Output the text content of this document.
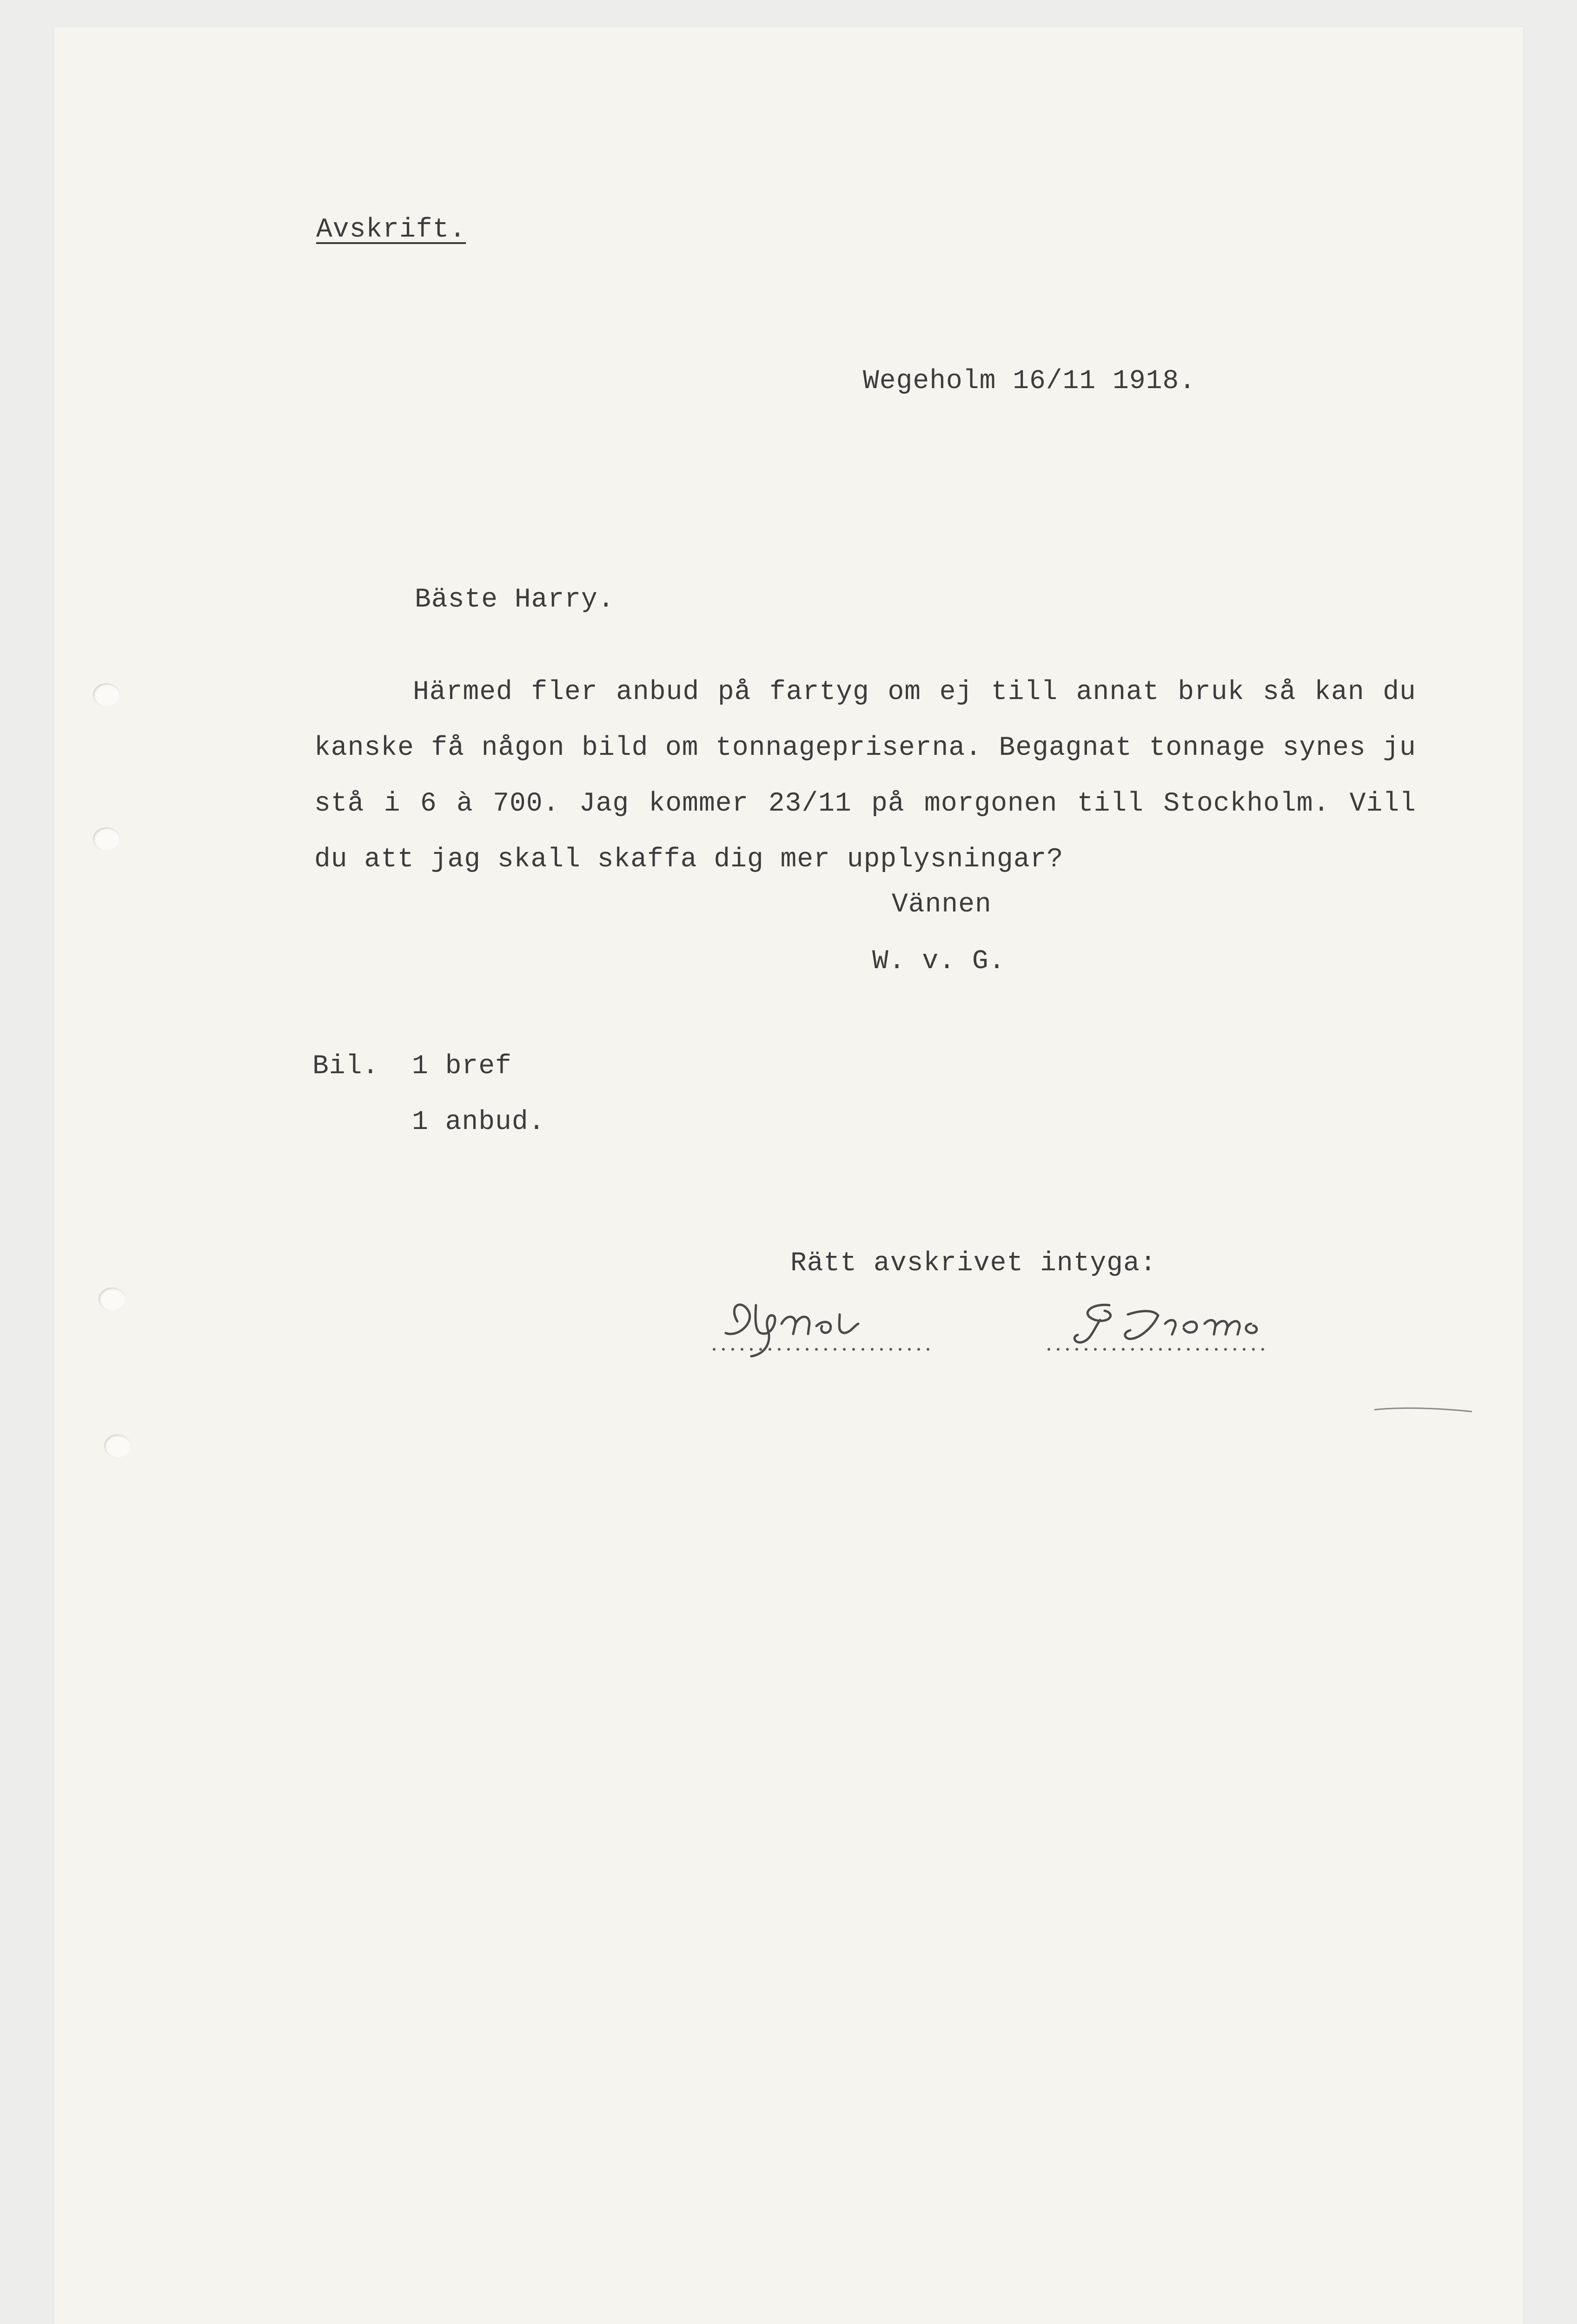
Avskrift.
Wegeholm 16/11 1918.
Bäste Harry.
Härmed fler anbud på fartyg om ej till annat bruk så kan du kanske få någon bild om tonnagepriserna. Begagnat tonnage synes ju stå i 6 à 700. Jag kommer 23/11 på morgonen till Stockholm. Vill du att jag skall skaffa dig mer upplysningar?
Vännen
W. v. G.
Bil. 1 bref
1 anbud.
Rätt avskrivet intyga:
